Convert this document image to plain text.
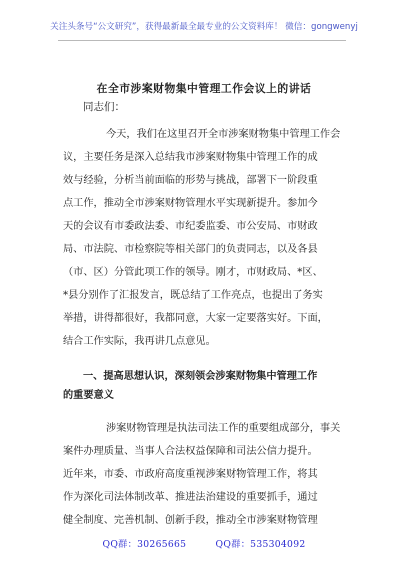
关注头条号“公文研究”，获得最新最全最专业的公文资料库！ 微信：gongwenyj
在全市涉案财物集中管理工作会议上的讲话
同志们：
今天，我们在这里召开全市涉案财物集中管理工作会
议，主要任务是深入总结我市涉案财物集中管理工作的成
效与经验，分析当前面临的形势与挑战，部署下一阶段重
点工作，推动全市涉案财物管理水平实现新提升。参加今
天的会议有市委政法委、市纪委监委、市公安局、市财政
局、市法院、市检察院等相关部门的负责同志，以及各县
（市、区）分管此项工作的领导。刚才，市财政局、*区、
*县分别作了汇报发言，既总结了工作亮点，也提出了务实
举措，讲得都很好，我都同意，大家一定要落实好。下面，
结合工作实际，我再讲几点意见。
一、提高思想认识，深刻领会涉案财物集中管理工作
的重要意义
涉案财物管理是执法司法工作的重要组成部分，事关
案件办理质量、当事人合法权益保障和司法公信力提升。
近年来，市委、市政府高度重视涉案财物管理工作，将其
作为深化司法体制改革、推进法治建设的重要抓手，通过
健全制度、完善机制、创新手段，推动全市涉案财物管理
QQ群：30265665	QQ群：535304092
